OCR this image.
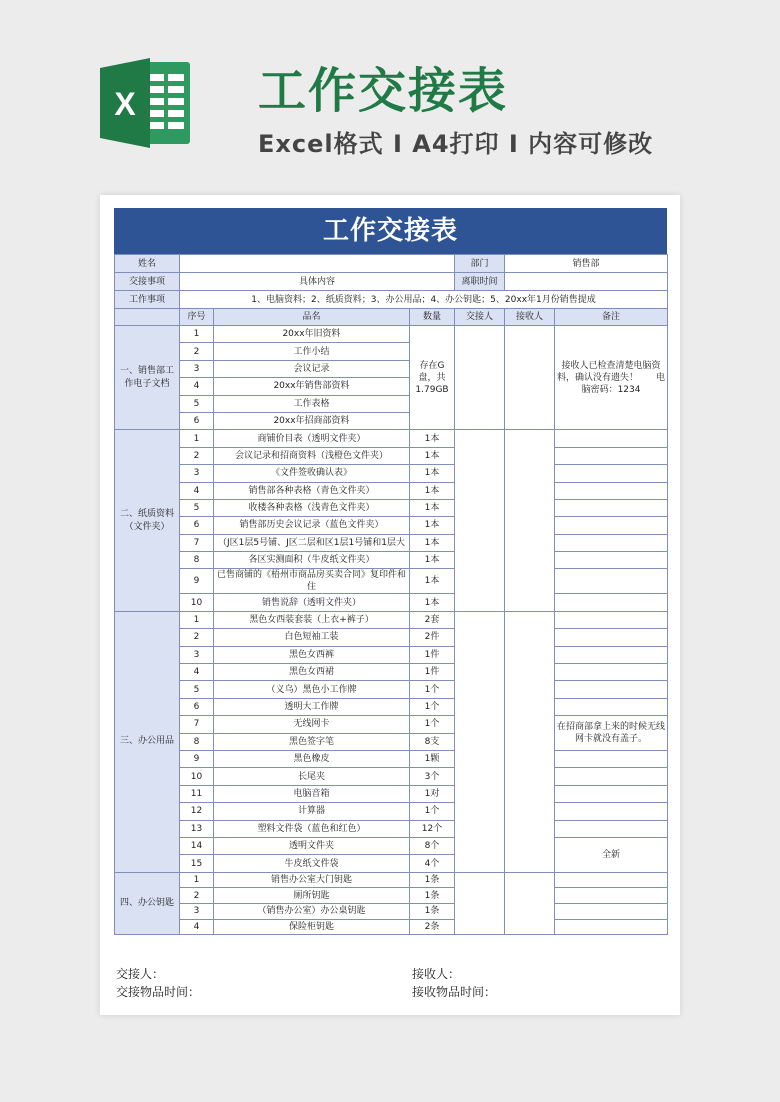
X	工作交接表
Excel格式 I A4打印 I 内容可修改
工作交接表
姓名				部门	销售部	
交接事项	具体内容			离职时间		
工作事项	1、电脑资料；2、纸质资料；3、办公用品；4、办公钥匙；5、20xx年1月份销售提成					
	序号	品名	数量	交接人	接收人	备注
一、销售部工作电子文档	1	20xx年旧资料	存在G盘，共1.79GB			接收人已检查清楚电脑资料，确认没有遗失！　　电脑密码：1234
	2	工作小结				
	3	会议记录				
	4	20xx年销售部资料				
	5	工作表格				
	6	20xx年招商部资料				
二、纸质资料（文件夹）	1	商铺价目表（透明文件夹）	1本			
	2	会议记录和招商资料（浅橙色文件夹）	1本			
	3	《文件签收确认表》	1本			
	4	销售部各种表格（青色文件夹）	1本			
	5	收楼各种表格（浅青色文件夹）	1本			
	6	销售部历史会议记录（蓝色文件夹）	1本			
	7	（J区1层5号铺、J区二层和区1层1号铺和1层大	1本			
	8	各区实测面积（牛皮纸文件夹）	1本			
	9	已售商铺的《梧州市商品房买卖合同》复印件和住	1本			
	10	销售说辞（透明文件夹）	1本			
三、办公用品	1	黑色女西装套装（上衣+裤子）	2套			
	2	白色短袖工装	2件			
	3	黑色女西裤	1件			
	4	黑色女西裙	1件			
	5	（义乌）黑色小工作牌	1个			
	6	透明大工作牌	1个			
	7	无线网卡	1个			在招商部拿上来的时候无线网卡就没有盖子。
	8	黑色签字笔	8支			
	9	黑色橡皮	1颗			
	10	长尾夹	3个			
	11	电脑音箱	1对			
	12	计算器	1个			
	13	塑料文件袋（蓝色和红色）	12个			
	14	透明文件夹	8个			全新
	15	牛皮纸文件袋	4个			
四、办公钥匙	1	销售办公室大门钥匙	1条			
	2	厕所钥匙	1条			
	3	（销售办公室）办公桌钥匙	1条			
	4	保险柜钥匙	2条			
交接人：	接收人：
交接物品时间：	接收物品时间：
